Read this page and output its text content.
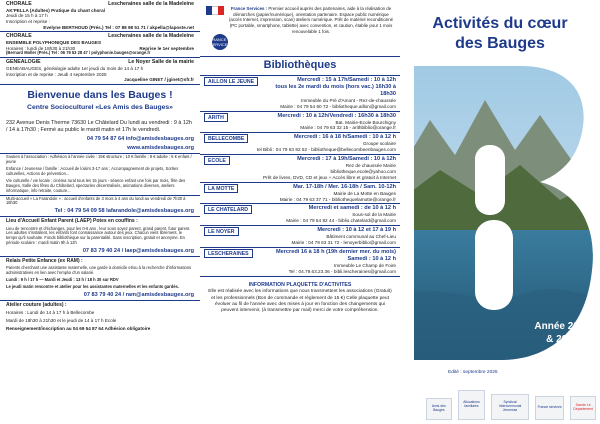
CHORALE	Lescheraines salle de la Madeleine
AK'PELLA (Adultes) Pratique du chant choral
Jeudi de 15 h à 17 h
Inscription et reprise :
Evelyne BERTHOUD (Prés.) Tel : 07 88 98 51 71 / akpella@laposte.net
CHORALE	Lescheraines salle de la Madeleine
ENSEMBLE POLYPHONIQUE DES BAUGES
Horaires : lundi de 18h30 à 21h30	Reprise le 1er septembre
(Bernard Moller (Prés.) Tel : 06 79 53 28 47 / polyphonie.bauges@orange.fr
GENEALOGIE	Le Noyer Salle de la mairie
GENEABAUGES, généalogie adulte 1er jeudi du mois de 14 à 17 h
inscription et de reprise : Jeudi 4 septembre 2025
Jacqueline GINET / jginet@sfr.fr
Bienvenue dans les Bauges !
Centre Socioculturel «Les Amis des Bauges»
232 Avenue Denis Therme 73630 Le Châtelard Du lundi au vendredi : 9 à 12h / 14 à 17h30 ; Fermé au public le mardi matin et 17h le vendredi.
04 79 54 87 64 info@amisdesbauges.org
www.amisdesbauges.org
Soutien à l'association : Adhésion à l'année civile : 15€ structure ; 10 € famille ; 8 € adulte ; 6 € enfant / jeune
Enfance / Jeunesse / famille : Accueil de loisirs 3-17 ans ; Accompagnement de projets, Sorties culturelles, Actions de prévention...
Vie culturelle / vie locale : cinéma rural tous les 15 jours - séance enfant une fois par mois, fête des Bauges, Salle des fêtes du Châtelard, spectacles décentralisés, animations diverses, ateliers informatique, info retraite, couture...
Multi-accueil « La Farandole » : accueil d'enfants de 3 mois à 4 ans du lundi au vendredi de 7h30 à 18h30
Tel : 04 79 54 09 58 lafarandole@amisdesbauges.org
Lieu d'Accueil Enfant Parent (LAEP) Potes en couffins :
Lieu de rencontre et d'échanges, pour les 0-6 ans , leur sous soyez parent, grand parent, futur parent. Les adultes s'installent, les enfants font connaissance autour des jeux. Chacun vient librement, le temps qu'il souhaite. Fonds bibliothèque sur la parentalité. Sans inscription, gratuit et anonyme. En période scolaire : mardi matin 9h à 12h
07 83 79 40 24 / laep@amisdesbauges.org
Relais Petite Enfance (ex RAM) :
Parents cherchant une assistante maternelle, une garde à domicile et/ou à la recherche d'informations administratives en lien avec l'emploi d'un salarié.
Lundi : 9 h / 17 h — Mardi et Jeudi : 13 h / 18 h 30 sur RDV
Le jeudi matin rencontre et atelier pour les assistantes maternelles et les enfants gardés.
07 83 79 40 24 / ram@amisdesbauges.org
Atelier couture (adultes) :
Horaires : Lundi de 14 à 17 h à Bellecombe
Mardi de 18h30 à 21h30 et le jeudi de 14 à 17 h Ecole
Renseignement/inscription au 04 69 54 87 64 Adhésion obligatoire
France Services : Premier accueil auprès des partenaires, aide à la réalisation de démarches (papier/numérique), orientation partenaire. Espace public numérique (accès Internet, impression, scan) ateliers numérique. Prêt de matériel reconditionné (PC portable, smartphone, tablette) avec convention, et caution, établie pour 1 mois renouvelable 1 fois.
FRANCE SERVICES
Bibliothèques
AILLON LE JEUNE	Mercredi : 15 à 17h/Samedi : 10 à 12h
tous les 2e mardi du mois (hors vac.) 16h30 à 18h30
Immeuble du Pré d'Amont - Rez-de-chaussée
Mairie : 04 79 54 60 72 - bibliotheque.aillon@gmail.com
ARITH	Mercredi : 10 à 12h/Vendredi : 16h30 à 18h30
Bat. Mairie-Ecole Bourchigny
Mairie : 04 79 63 32 15 - arithbiblio@orange.fr
BELLECOMBE	Mercredi : 16 à 18 h/Samedi : 10 à 12 h
Groupe scolaire
tel Bibli : 04 79 63 82 52 - bibliotheque@bellecombeenbauges.com
ECOLE	Mercredi : 17 à 19h/Samedi : 10 à 12h
Rez de chaussée Mairie
bibliotheque.ecole@yahoo.com
Prêt de livres, DVD, CD et jeux + Accès libre et gratuit à Internet
LA MOTTE	Mar. 17-18h / Mer. 16-18h / Sam. 10-12h
Mairie de La Motte en Bauges
Mairie : 04 79 63 37 71 - bibliothequelamotte@orange.fr
LE CHATELARD	Mercredi et samedi : de 10 à 12 h
Sous-sol de la Mairie
Mairie : 04 79 54 82 44 - biblio.chatelard@gmail.com
LE NOYER	Mercredi : 10 à 12 et 17 à 19 h
Bâtiment communal au Chef-Lieu
Mairie : 04 79 63 31 72 - lenoyerbiblio@gmail.com
LESCHERAINES	Mercredi 16 à 18 h (19h dernier mer. du mois)
Samedi : 10 à 12 h
Immeuble Le Champ de Foire
Tel : 04.79.63.23.36 - bibli.lescheraines@gmail.com
INFORMATION PLAQUETTE D'ACTIVITES
Elle est réalisée avec les informations que nous transmettent les associations (Gratuit) et les professionnels (Bon de commande et règlement de 15 €) Celle plaquette peut évoluer au fil de l'année avec des mises à jour en fonction des changements qui peuvent intervenir, (à transmettre par mail) merci de votre compréhension.
Activités du cœur
des Bauges
Année 2025
& 2026
Edité : septembre 2025
Amis des Bauges
Allocations familiales
Syndicat Intercommunal Jeunesse
France services	Savoie Le Département
